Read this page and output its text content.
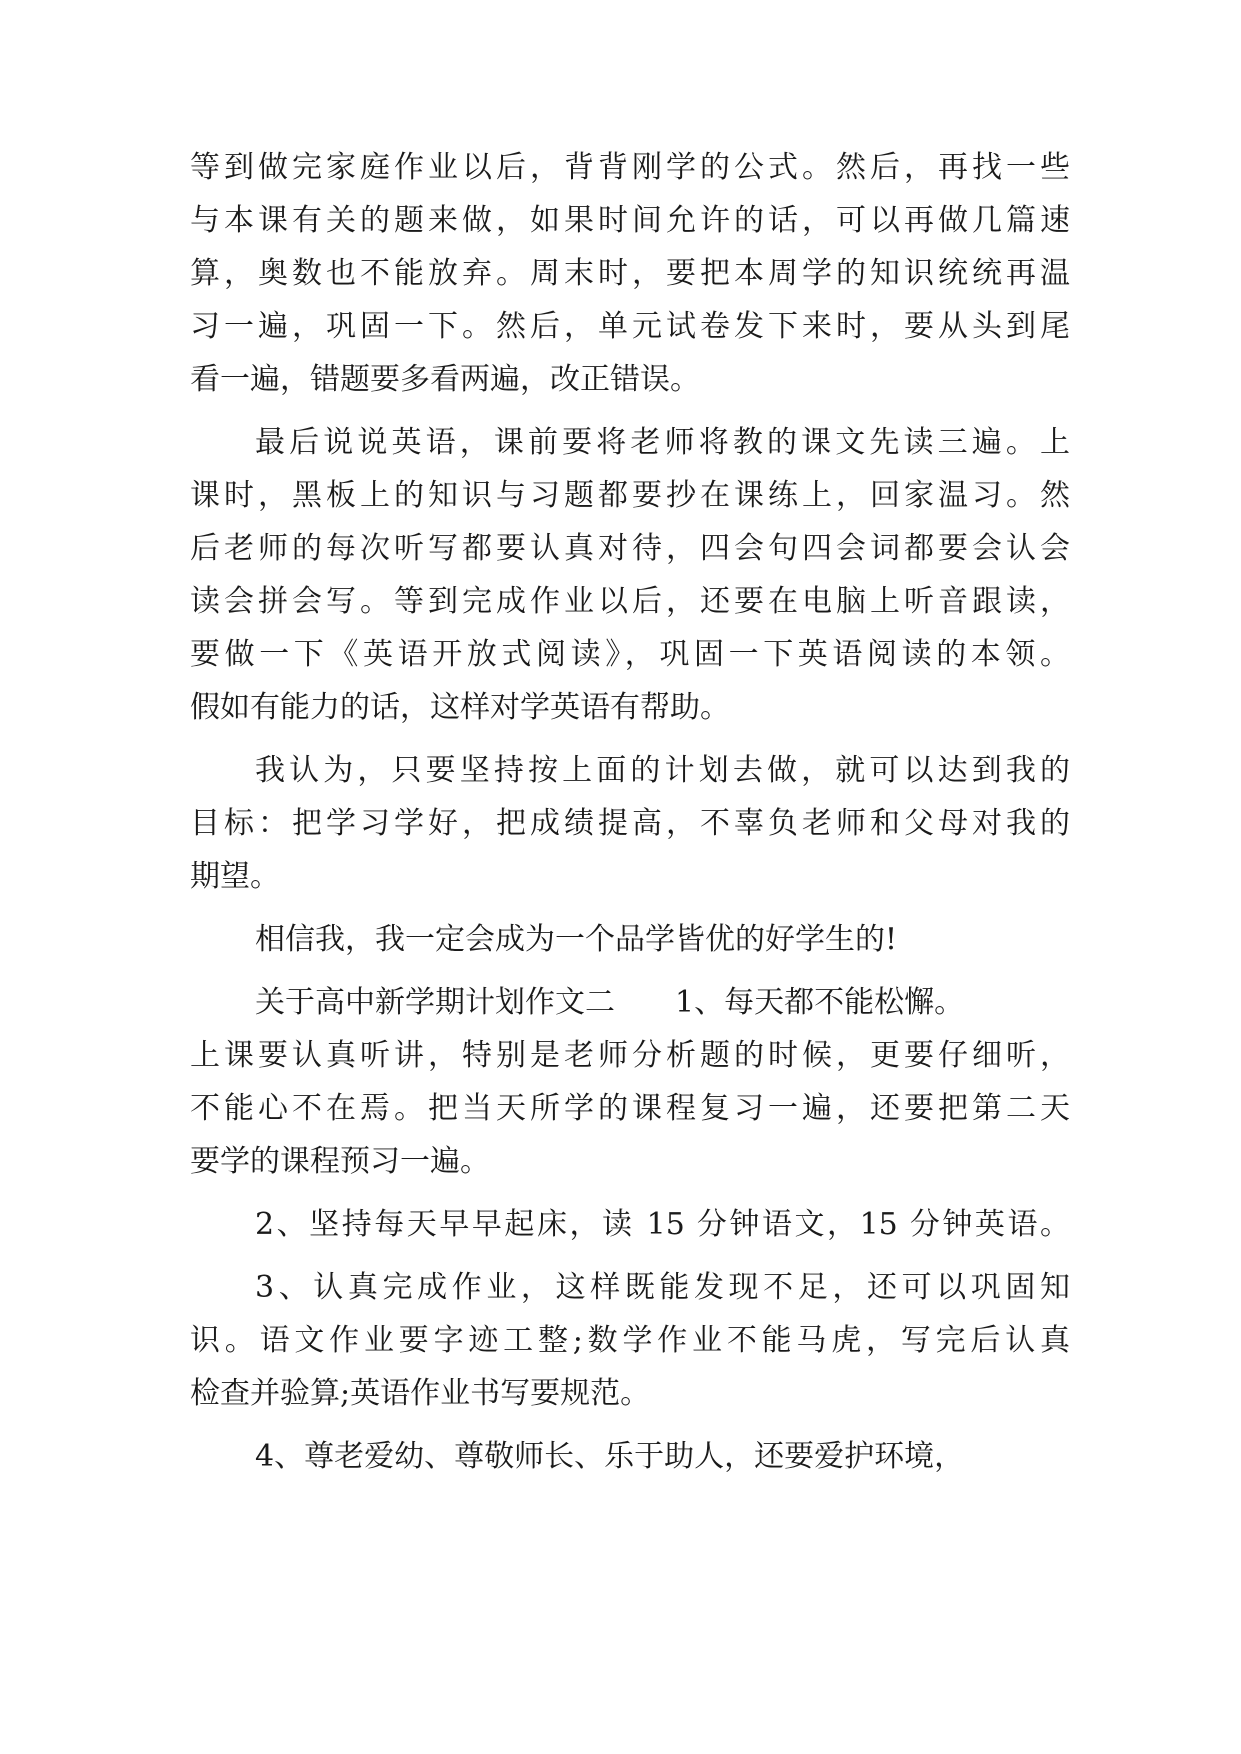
等到做完家庭作业以后，背背刚学的公式。然后，再找一些
与本课有关的题来做，如果时间允许的话，可以再做几篇速
算，奥数也不能放弃。周末时，要把本周学的知识统统再温
习一遍，巩固一下。然后，单元试卷发下来时，要从头到尾
看一遍，错题要多看两遍，改正错误。
最后说说英语，课前要将老师将教的课文先读三遍。上
课时，黑板上的知识与习题都要抄在课练上，回家温习。然
后老师的每次听写都要认真对待，四会句四会词都要会认会
读会拼会写。等到完成作业以后，还要在电脑上听音跟读，
要做一下《英语开放式阅读》，巩固一下英语阅读的本领。
假如有能力的话，这样对学英语有帮助。
我认为，只要坚持按上面的计划去做，就可以达到我的
目标：把学习学好，把成绩提高，不辜负老师和父母对我的
期望。
相信我，我一定会成为一个品学皆优的好学生的!
关于高中新学期计划作文二　　1、每天都不能松懈。
上课要认真听讲，特别是老师分析题的时候，更要仔细听，
不能心不在焉。把当天所学的课程复习一遍，还要把第二天
要学的课程预习一遍。
2、坚持每天早早起床，读 15 分钟语文，15 分钟英语。
3、认真完成作业，这样既能发现不足，还可以巩固知
识。语文作业要字迹工整;数学作业不能马虎，写完后认真
检查并验算;英语作业书写要规范。
4、尊老爱幼、尊敬师长、乐于助人，还要爱护环境，
